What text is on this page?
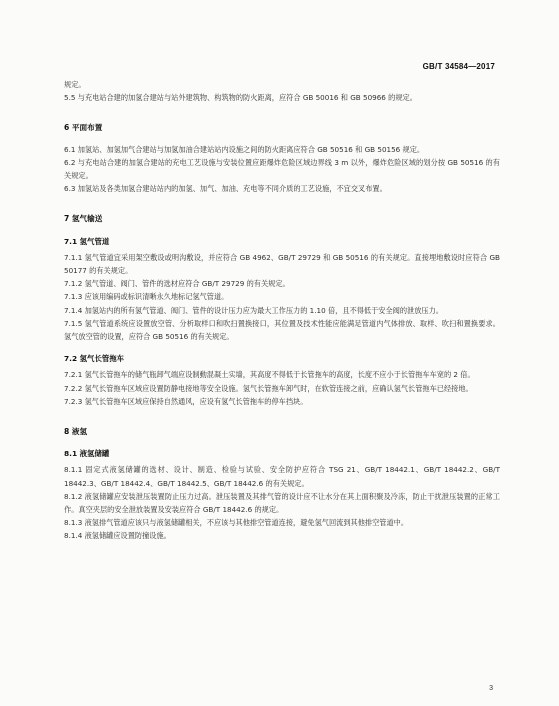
GB/T 34584—2017

规定。

5.5 与充电站合建的加氢合建站与站外建筑物、构筑物的防火距离，应符合 GB 50016 和 GB 50966 的规定。

6 平面布置

6.1 加氢站、加氢加气合建站与加氢加油合建站站内设施之间的防火距离应符合 GB 50516 和 GB 50156 规定。

6.2 与充电站合建的加氢合建站的充电工艺设施与安装位置应距爆炸危险区域边界线 3 m 以外，爆炸危险区域的划分按 GB 50516 的有关规定。

6.3 加氢站及各类加氢合建站站内的加氢、加气、加油、充电等不同介质的工艺设施，不宜交叉布置。

7 氢气输送
7.1 氢气管道

7.1.1 氢气管道宜采用架空敷设或明沟敷设，并应符合 GB 4962、GB/T 29729 和 GB 50516 的有关规定。直接埋地敷设时应符合 GB 50177 的有关规定。

7.1.2 氢气管道、阀门、管件的选材应符合 GB/T 29729 的有关规定。

7.1.3 应该用编码或标识清晰永久地标记氢气管道。

7.1.4 加氢站内的所有氢气管道、阀门、管件的设计压力应为最大工作压力的 1.10 倍，且不得低于安全阀的泄放压力。

7.1.5 氢气管道系统应设置放空管、分析取样口和吹扫置换接口，其位置及技术性能应能满足管道内气体排放、取样、吹扫和置换要求。氢气放空管的设置，应符合 GB 50516 的有关规定。

7.2 氢气长管拖车

7.2.1 氢气长管拖车的储气瓶卸气端应设制動混凝土实墙，其高度不得低于长管拖车的高度，长度不应小于长管拖车车宽的 2 倍。

7.2.2 氢气长管拖车区域应设置防静电接地等安全设施。氢气长管拖车卸气时，在软管连接之前，应确认氢气长管拖车已经接地。

7.2.3 氢气长管拖车区域应保持自然通风，应设有氢气长管拖车的停车挡块。

8 液氢
8.1 液氢储罐

8.1.1 固定式液氢储罐的选材、设计、制造、检验与试验、安全防护应符合 TSG 21、GB/T 18442.1、GB/T 18442.2、GB/T 18442.3、GB/T 18442.4、GB/T 18442.5、GB/T 18442.6 的有关规定。

8.1.2 液氢储罐应安装泄压装置防止压力过高。泄压装置及其排气管的设计应不让水分在其上面积聚及冷冻，防止干扰泄压装置的正常工作。真空夹层的安全泄放装置及安装应符合 GB/T 18442.6 的规定。

8.1.3 液氢排气管道应该只与液氢储罐相关，不应该与其他排空管道连接，避免氢气回流到其他排空管道中。

8.1.4 液氢储罐应设置防撞设施。

3
